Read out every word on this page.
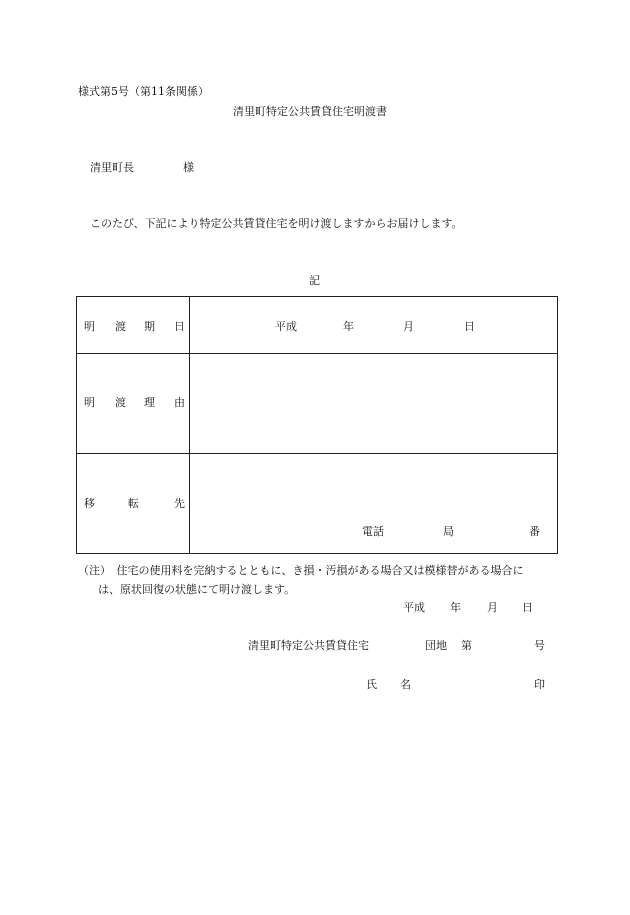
様式第5号（第11条関係）
清里町特定公共賃貸住宅明渡書
清里町長	様
このたび、下記により特定公共賃貸住宅を明け渡しますからお届けします。
記
明 渡 期 日	平成	年	月	日
明 渡 理 由
移	転	先
電話	局	番
（注）　住宅の使用料を完納するとともに、き損・汚損がある場合又は模様替がある場合に
は、原状回復の状態にて明け渡します。
平成 年 月 日
清里町特定公共賃貸住宅	団地 第	号
氏 名	印
